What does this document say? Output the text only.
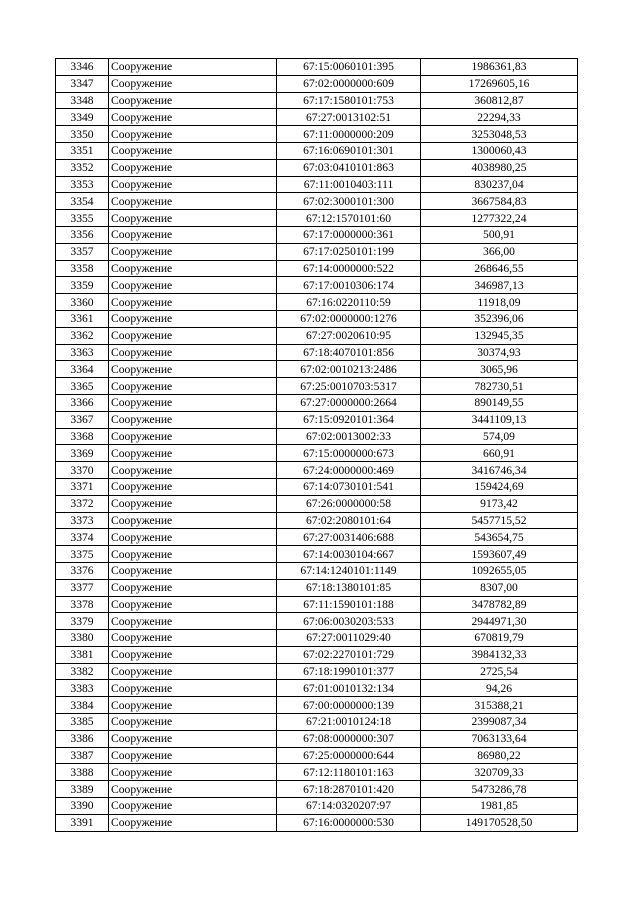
3346	Сооружение	67:15:0060101:395	1986361,83
3347	Сооружение	67:02:0000000:609	17269605,16
3348	Сооружение	67:17:1580101:753	360812,87
3349	Сооружение	67:27:0013102:51	22294,33
3350	Сооружение	67:11:0000000:209	3253048,53
3351	Сооружение	67:16:0690101:301	1300060,43
3352	Сооружение	67:03:0410101:863	4038980,25
3353	Сооружение	67:11:0010403:111	830237,04
3354	Сооружение	67:02:3000101:300	3667584,83
3355	Сооружение	67:12:1570101:60	1277322,24
3356	Сооружение	67:17:0000000:361	500,91
3357	Сооружение	67:17:0250101:199	366,00
3358	Сооружение	67:14:0000000:522	268646,55
3359	Сооружение	67:17:0010306:174	346987,13
3360	Сооружение	67:16:0220110:59	11918,09
3361	Сооружение	67:02:0000000:1276	352396,06
3362	Сооружение	67:27:0020610:95	132945,35
3363	Сооружение	67:18:4070101:856	30374,93
3364	Сооружение	67:02:0010213:2486	3065,96
3365	Сооружение	67:25:0010703:5317	782730,51
3366	Сооружение	67:27:0000000:2664	890149,55
3367	Сооружение	67:15:0920101:364	3441109,13
3368	Сооружение	67:02:0013002:33	574,09
3369	Сооружение	67:15:0000000:673	660,91
3370	Сооружение	67:24:0000000:469	3416746,34
3371	Сооружение	67:14:0730101:541	159424,69
3372	Сооружение	67:26:0000000:58	9173,42
3373	Сооружение	67:02:2080101:64	5457715,52
3374	Сооружение	67:27:0031406:688	543654,75
3375	Сооружение	67:14:0030104:667	1593607,49
3376	Сооружение	67:14:1240101:1149	1092655,05
3377	Сооружение	67:18:1380101:85	8307,00
3378	Сооружение	67:11:1590101:188	3478782,89
3379	Сооружение	67:06:0030203:533	2944971,30
3380	Сооружение	67:27:0011029:40	670819,79
3381	Сооружение	67:02:2270101:729	3984132,33
3382	Сооружение	67:18:1990101:377	2725,54
3383	Сооружение	67:01:0010132:134	94,26
3384	Сооружение	67:00:0000000:139	315388,21
3385	Сооружение	67:21:0010124:18	2399087,34
3386	Сооружение	67:08:0000000:307	7063133,64
3387	Сооружение	67:25:0000000:644	86980,22
3388	Сооружение	67:12:1180101:163	320709,33
3389	Сооружение	67:18:2870101:420	5473286,78
3390	Сооружение	67:14:0320207:97	1981,85
3391	Сооружение	67:16:0000000:530	149170528,50
